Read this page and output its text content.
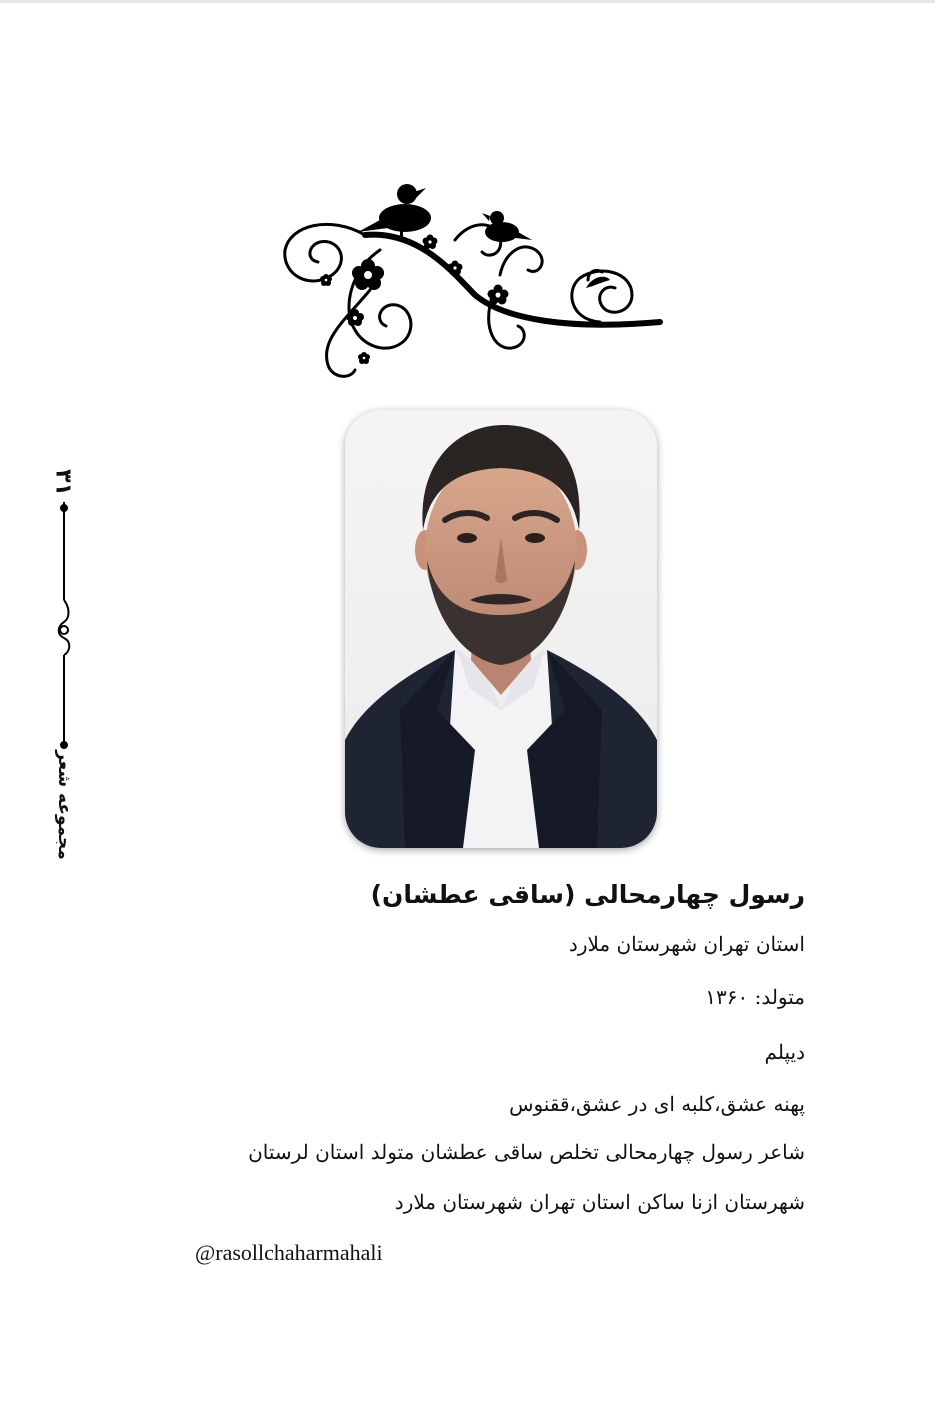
۳۱
مجموعه شعر
رسول چهارمحالی (ساقی عطشان)
استان تهران شهرستان ملارد
متولد: ۱۳۶۰
دیپلم
پهنه عشق،کلبه ای در عشق،ققنوس
شاعر رسول چهارمحالی تخلص ساقی عطشان متولد استان لرستان
شهرستان ازنا ساکن استان تهران شهرستان ملارد
@rasollchaharmahali
